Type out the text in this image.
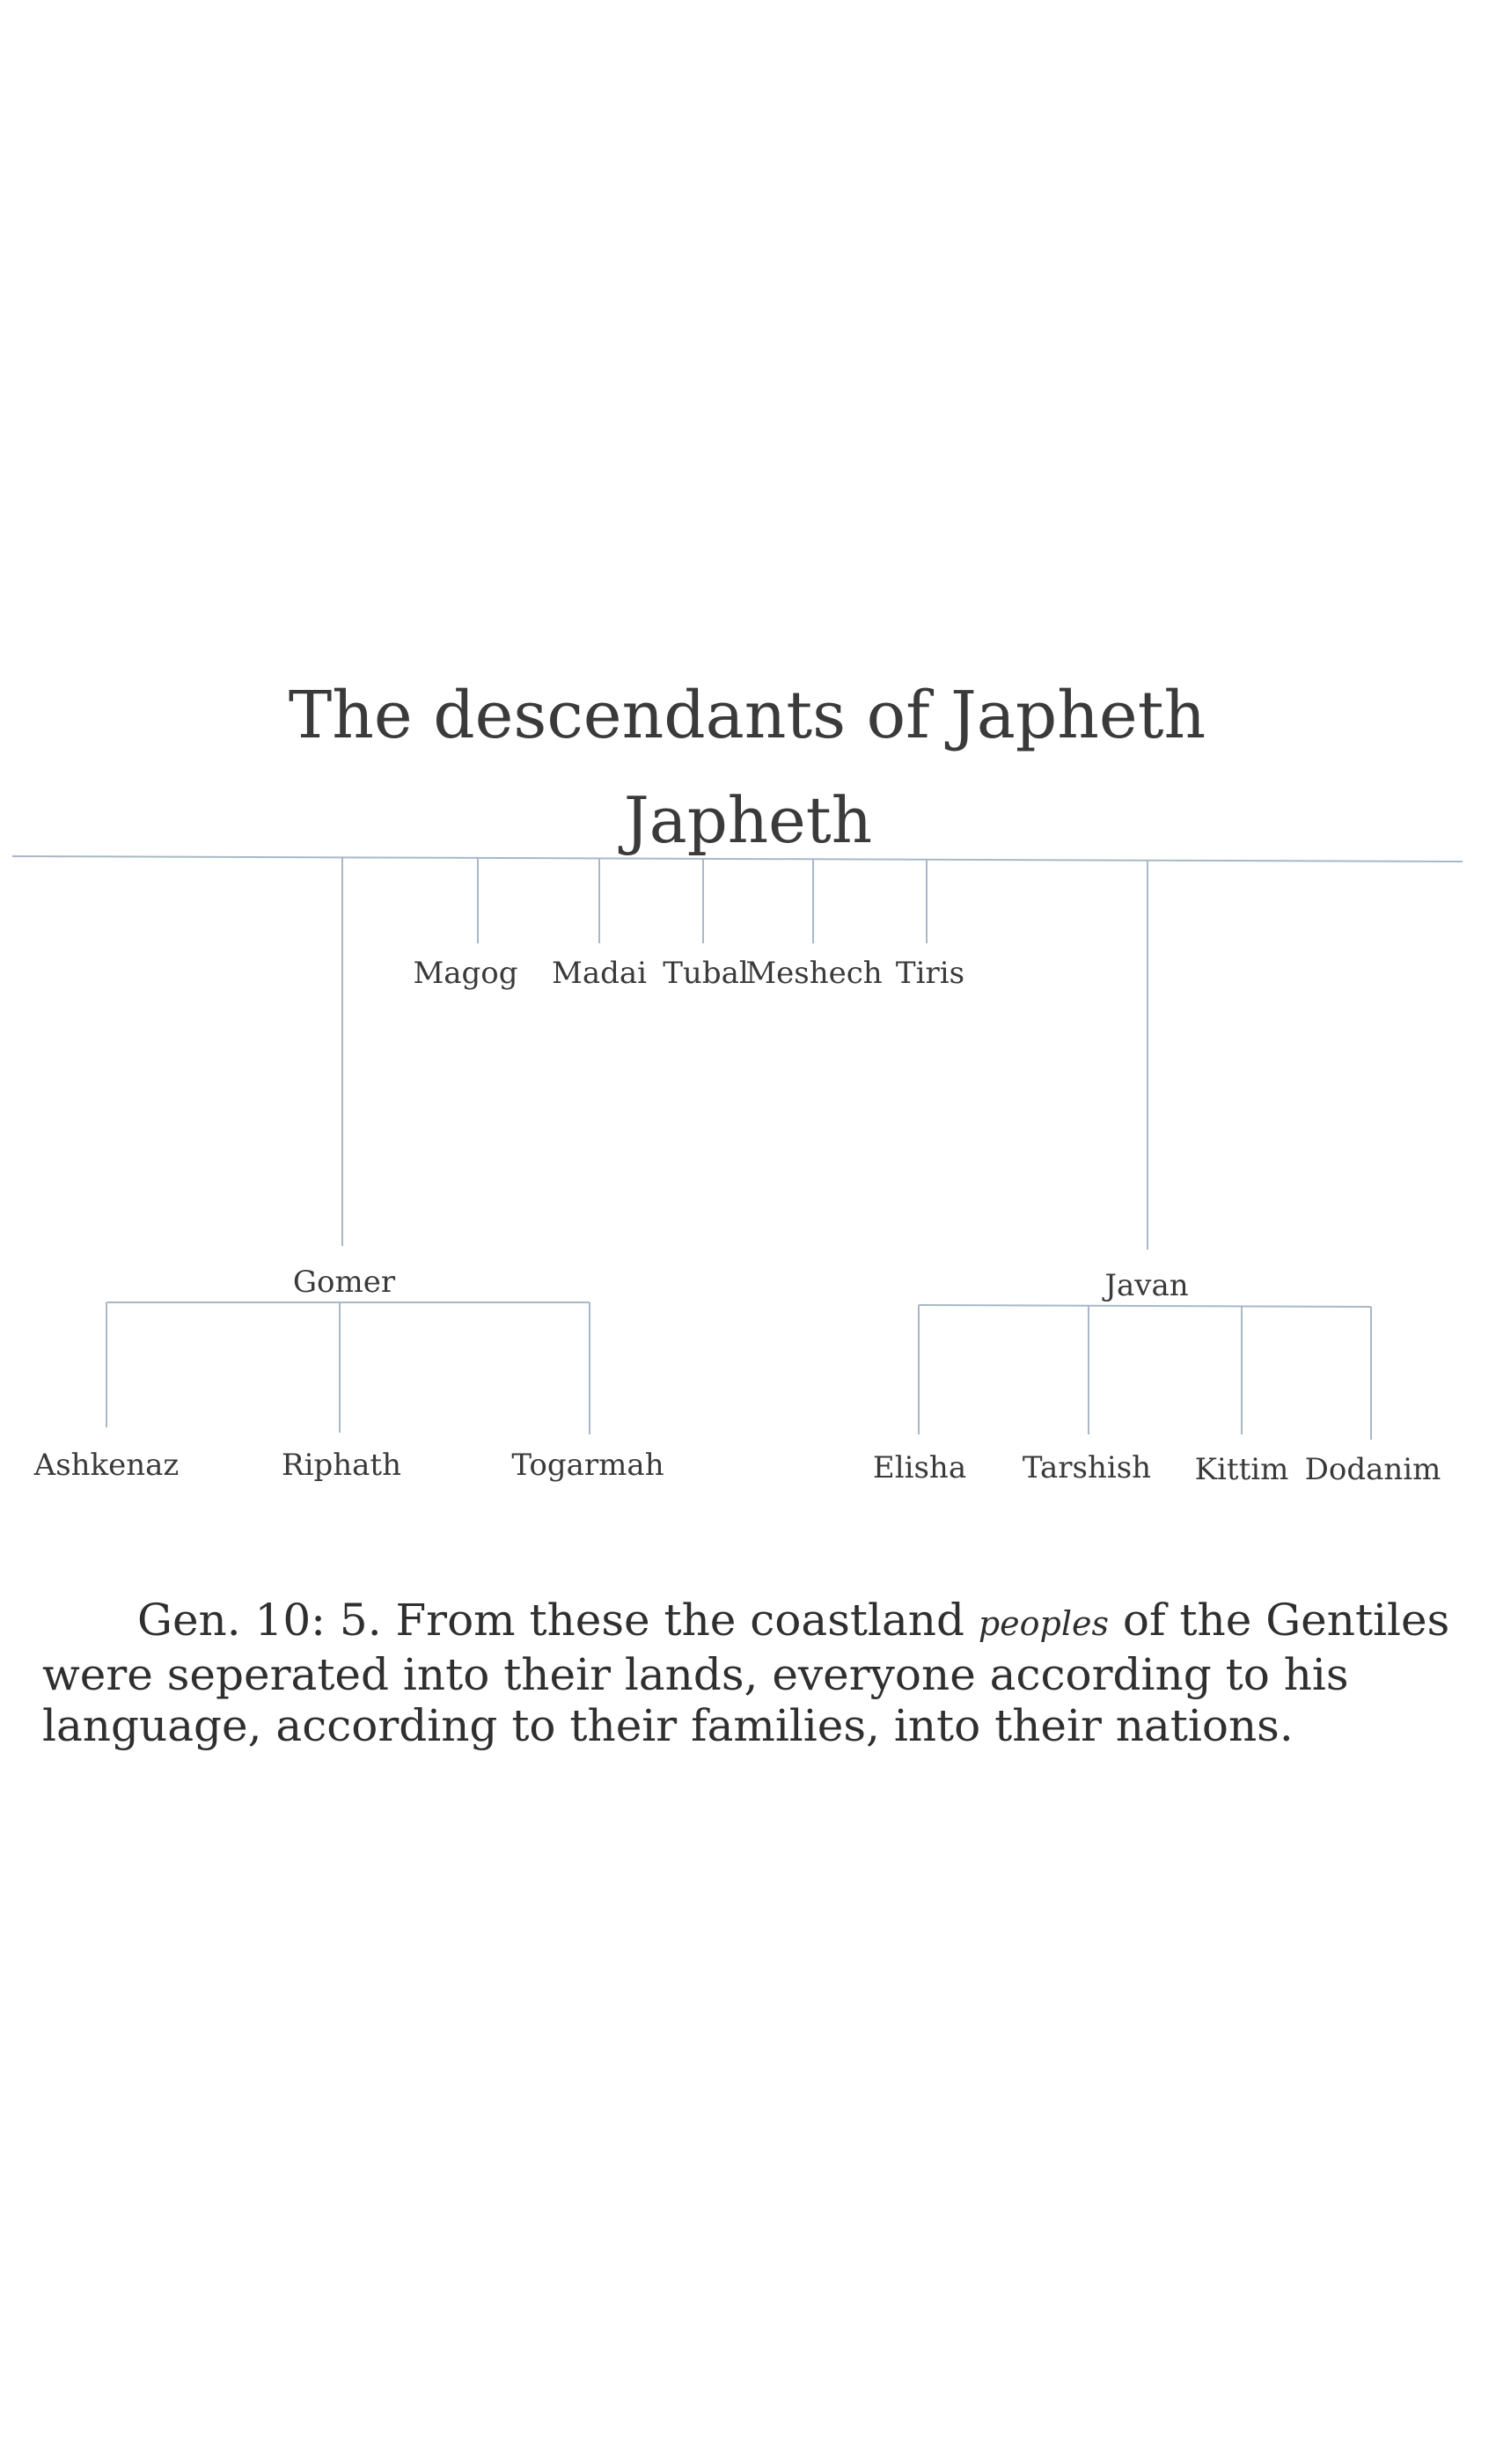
The descendants of Japheth
Japheth
Magog Madai Tubal
Meshech Tiris
Gomer	Javan
Ashkenaz	Riphath	Togarmah	Elisha Tarshish Kittim Dodanim
Gen. 10: 5. From these the coastland peoples of the Gentiles were seperated into their lands, everyone according to his language, according to their families, into their nations.
